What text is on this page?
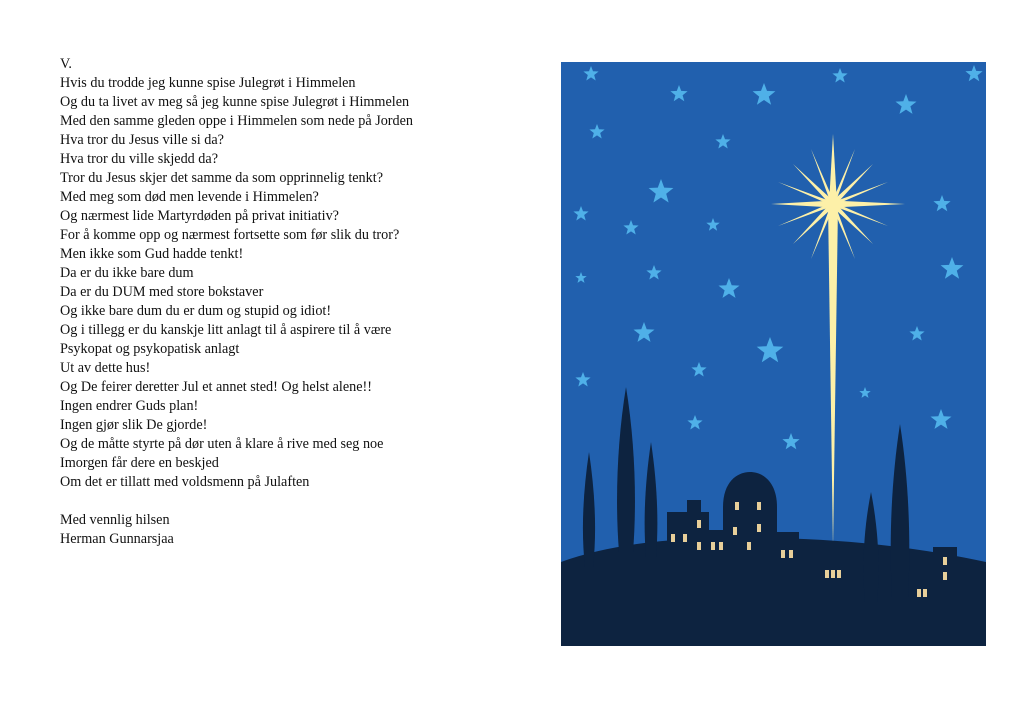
V.
Hvis du trodde jeg kunne spise Julegrøt i Himmelen
Og du ta livet av meg så jeg kunne spise Julegrøt i Himmelen
Med den samme gleden oppe i Himmelen som nede på Jorden
Hva tror du Jesus ville si da?
Hva tror du ville skjedd da?
Tror du Jesus skjer det samme da som opprinnelig tenkt?
Med meg som død men levende i Himmelen?
Og nærmest lide Martyrdøden på privat initiativ?
For å komme opp og nærmest fortsette som før slik du tror?
Men ikke som Gud hadde tenkt!
Da er du ikke bare dum
Da er du DUM med store bokstaver
Og ikke bare dum du er dum og stupid og idiot!
Og i tillegg er du kanskje litt anlagt til å aspirere til å være
Psykopat og psykopatisk anlagt
Ut av dette hus!
Og De feirer deretter Jul et annet sted! Og helst alene!!
Ingen endrer Guds plan!
Ingen gjør slik De gjorde!
Og de måtte styrte på dør uten å klare å rive med seg noe
Imorgen får dere en beskjed
Om det er tillatt med voldsmenn på Julaften
Med vennlig hilsen
Herman Gunnarsjaa
